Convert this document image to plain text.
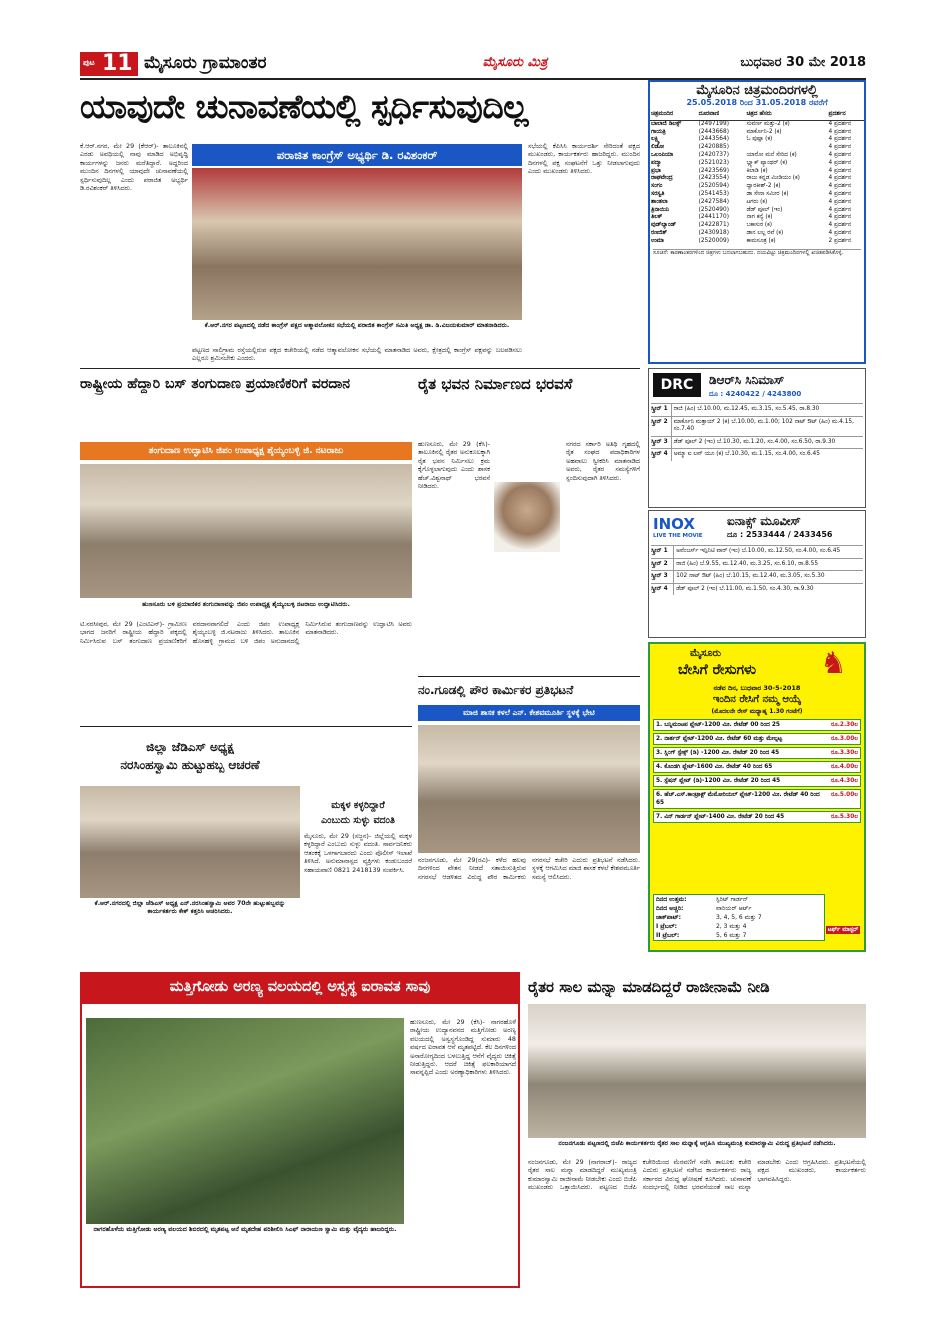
ಪುಟ 11 ಮೈಸೂರು ಗ್ರಾಮಾಂತರ	ಮೈಸೂರು ಮಿತ್ರ	ಬುಧವಾರ 30 ಮೇ 2018
ಯಾವುದೇ ಚುನಾವಣೆಯಲ್ಲಿ ಸ್ಪರ್ಧಿಸುವುದಿಲ್ಲ
ಕೆ.ಆರ್.ನಗರ, ಮೇ 29 (ಕೆಆರ್)- ತಾಲೂಕಿನಲ್ಲಿ ಎರಡು ಅವಧಿಯಲ್ಲಿ ನಾವು ಮಾಡಿದ ಅಭಿವೃದ್ಧಿ ಕಾರ್ಯಗಳನ್ನು ಜನರು ಮರೆತಿದ್ದಾರೆ. ಅದ್ದರಿಂದ ಮುಂದಿನ ದಿನಗಳಲ್ಲಿ ಯಾವುದೇ ಚುನಾವಣೆಯಲ್ಲಿ ಸ್ಪರ್ಧಿಸುವುದಿಲ್ಲ ಎಂದು ಪರಾಜಿತ ಅಭ್ಯರ್ಥಿ ಡಿ.ರವಿಶಂಕರ್ ತಿಳಿಸಿದರು.
ಪರಾಜಿತ ಕಾಂಗ್ರೆಸ್ ಅಭ್ಯರ್ಥಿ ಡಿ. ರವಿಶಂಕರ್
ಕೆ.ಆರ್.ನಗರ ಪಟ್ಟಣದಲ್ಲಿ ನಡೆದ ಕಾಂಗ್ರೆಸ್ ಪಕ್ಷದ ಆತ್ಮಾವಲೋಕನ ಸಭೆಯಲ್ಲಿ ಪರಾಜಿತ ಕಾಂಗ್ರೆಸ್ ಸಮಿತಿ ಅಧ್ಯಕ್ಷ ಡಾ. ಡಿ.ವಿಜಯಕುಮಾರ್ ಮಾತನಾಡಿದರು.
ಪಟ್ಟಣದ ಸಾಲಿಗ್ರಾಮ ರಸ್ತೆಯಲ್ಲಿರುವ ಪಕ್ಷದ ಕಚೇರಿಯಲ್ಲಿ ನಡೆದ ಆತ್ಮಾವಲೋಕನ ಸಭೆಯಲ್ಲಿ ಮಾತನಾಡಿದ ಅವರು, ಕ್ಷೇತ್ರದಲ್ಲಿ ಕಾಂಗ್ರೆಸ್ ಪಕ್ಷವನ್ನು ಬಲಪಡಿಸಲು ಎಲ್ಲರೂ ಶ್ರಮಿಸಬೇಕು ಎಂದರು.
ಸಭೆಯಲ್ಲಿ ಕೆಪಿಸಿಸಿ ಕಾರ್ಯದರ್ಶಿ ಸೇರಿದಂತೆ ಪಕ್ಷದ ಮುಖಂಡರು, ಕಾರ್ಯಕರ್ತರು ಹಾಜರಿದ್ದರು. ಮುಂದಿನ ದಿನಗಳಲ್ಲಿ ಪಕ್ಷ ಸಂಘಟನೆಗೆ ಒತ್ತು ನೀಡಲಾಗುವುದು ಎಂದು ಮುಖಂಡರು ತಿಳಿಸಿದರು.
ಮೈಸೂರಿನ ಚಿತ್ರಮಂದಿರಗಳಲ್ಲಿ
25.05.2018 ರಿಂದ 31.05.2018 ರವರೆಗೆ
ಚಿತ್ರಮಂದಿರ	ದೂರವಾಣಿ	ಚಿತ್ರದ ಹೆಸರು	ಪ್ರದರ್ಶನ
ಬಾಲಾಜಿ ಡಿಲಕ್ಸ್	(2497199)	ಸುವರ್ಣ ಮತ್ತು-2 (ಕ)	4 ಪ್ರದರ್ಶನ
ಗಾಯತ್ರಿ	(2443668)	ಮಾರ್ಕೊನಿ-2 (ಕ)	4 ಪ್ರದರ್ಶನ
ಲಕ್ಷ್ಮಿ	(2443564)	ಓ ಪುಷ್ಪಾ (ಕ)	4 ಪ್ರದರ್ಶನ
ಲಿಡೋ	(2420885)		4 ಪ್ರದರ್ಶನ
ಒಲಂಪಿಯಾ	(2420737)	ಯಾರೋ ಮನೆ ಸೇರಿದ (ಕ)	4 ಪ್ರದರ್ಶನ
ಪದ್ಮಾ	(2521023)	ಬ್ಲ್ಯಾಕ್ ಪ್ಯಾಂಥರ್ (ಕ)	4 ಪ್ರದರ್ಶನ
ಪ್ರಭಾ	(2423569)	ಕಿಲಾಡಿ (ಕ)	4 ಪ್ರದರ್ಶನ
ರಾಘವೇಂದ್ರ	(2423554)	ರಾಜು ಕನ್ನಡ ಮೀಡಿಯಂ (ಕ)	4 ಪ್ರದರ್ಶನ
ಸಂಗಂ	(2520594)	ದ್ವಾರಕೀಶ್-2 (ಕ)	4 ಪ್ರದರ್ಶನ
ಸರಸ್ವತಿ	(2541453)	ಡಾ ಸೇನಾ ಸಮೀರ (ಕ)	4 ಪ್ರದರ್ಶನ
ಶಾಂತಲಾ	(2427584)	ಟಗರು (ಕ)	4 ಪ್ರದರ್ಶನ
ತ್ರಿನಾಯಿನಿ	(2520490)	ಡೆಡ್ ಪೂಲ್ (ಇಂ)	4 ಪ್ರದರ್ಶನ
ತಿಲಕ್	(2441170)	ನಾಗ ಕನ್ಯೆ (ಕ)	4 ಪ್ರದರ್ಶನ
ವುಡ್‌ಲ್ಯಾಂಡ್	(2422871)	ಬಕಾಸುರ (ಕ)	4 ಪ್ರದರ್ಶನ
ರಣಜಿತ್	(2430918)	ಡಾನ ಲಲ್ಲ ರವೆ (ಕ)	4 ಪ್ರದರ್ಶನ
ಉಮಾ	(2520009)	ಕಾಮಸೂತ್ರ (ಕ)	2 ಪ್ರದರ್ಶನ
ಸೂಚನೆ: ಕಾರಣಾಂತರಗಳಿಂದ ಚಿತ್ರಗಳು ಬದಲಾಗಬಹುದು. ದಯವಿಟ್ಟು ಚಿತ್ರಮಂದಿರಗಳಲ್ಲಿ ಖಚಿತಪಡಿಸಿಕೊಳ್ಳಿ.
DRC	ಡಿಆರ್‌ಸಿ ಸಿನಿಮಾಸ್
ದೂ : 4240422 / 4243800
ಸ್ಕ್ರೀನ್ 1	ರಾಜಿ (ಹಿಂ) ಬೆ.10.00, ಮ.12.45, ಮ.3.15, ಸಂ.5.45, ರಾ.8.30
ಸ್ಕ್ರೀನ್ 2	ಮಾರ್ಕೊನಿ ಮತ್ತಾಯ್ 2 (ಕ) ಬೆ.10.00, ಮ.1.00; 102 ನಾಟ್ ಔಟ್ (ಹಿಂ) ಮ.4.15, ಸಂ.7.40
ಸ್ಕ್ರೀನ್ 3	ಡೆಡ್ ಪೂಲ್ 2 (ಇಂ) ಬೆ.10.30, ಮ.1.20, ಸಂ.4.00, ಸಂ.6.50, ರಾ.9.30
ಸ್ಕ್ರೀನ್ 4	ಅಮ್ಮಾ ಐ ಲವ್ ಯೂ (ಕ) ಬೆ.10.30, ಮ.1.15, ಸಂ.4.00, ಸಂ.6.45
INOX
LIVE THE MOVIE
ಐನಾಕ್ಸ್ ಮೂವೀಸ್
ದೂ : 2533444 / 2433456
ಸ್ಕ್ರೀನ್ 1	ಅವೆಂಜರ್ಸ್ ಇನ್ಫಿನಿಟಿ ವಾರ್ (ಇಂ) ಬೆ.10.00, ಮ.12.50, ಸಂ.4.00, ಸಂ.6.45
ಸ್ಕ್ರೀನ್ 2	ರಾಜಿ (ಹಿಂ) ಬೆ.9.55, ಮ.12.40, ಮ.3.25, ಸಂ.6.10, ರಾ.8.55
ಸ್ಕ್ರೀನ್ 3	102 ನಾಟ್ ಔಟ್ (ಹಿಂ) ಬೆ.10.15, ಮ.12.40, ಮ.3.05, ಸಂ.5.30
ಸ್ಕ್ರೀನ್ 4	ಡೆಡ್ ಪೂಲ್ 2 (ಇಂ) ಬೆ.11.00, ಮ.1.50, ಸಂ.4.30, ರಾ.9.30
ಮೈಸೂರು
ಬೇಸಿಗೆ ರೇಸುಗಳು ♞
ನಡೆವ ದಿನ, ಬುಧವಾರ 30-5-2018
ಇಂದಿನ ರೇಸಿಗೆ ನಮ್ಮ ಆಯ್ಕೆ
(ಮೊದಲನೇ ರೇಸ್ ಮಧ್ಯಾಹ್ನ 1.30 ಗಂಟೆಗೆ)
1. ಬನ್ನಿಮಂಟಪ ಪ್ಲೇಟ್-1200 ಮೀ. ರೇಟೆಡ್ 00 ರಿಂದ 25	ರೂ.2.30ಲ
2. ನಾರ್ತನ್ ಪ್ಲೇಟ್-1200 ಮೀ. ರೇಟೆಡ್ 60 ಮತ್ತು ಮೇಲ್ಪಟ್ಟ	ರೂ.3.00ಲ
3. ಸ್ಲಿಂಗ್ ಸ್ಟೇಕ್ಸ್ (ಡಿ) -1200 ಮೀ. ರೇಟೆಡ್ 20 ರಿಂದ 45	ರೂ.3.30ಲ
4. ಕೊಂಡಗಿ ಪ್ಲೇಟ್-1600 ಮೀ. ರೇಟೆಡ್ 40 ರಿಂದ 65	ರೂ.4.00ಲ
5. ಸ್ಪೆಷನ್ ಪ್ಲೇಟ್ (ಡಿ)-1200 ಮೀ. ರೇಟೆಡ್ 20 ರಿಂದ 45	ರೂ.4.30ಲ
6. ಹೆಚ್.ಎಸ್.ಕಾಂಟ್ರಾಕ್ಟ್ ಮೆಮೋರಿಯಲ್ ಪ್ಲೇಟ್-1200 ಮೀ. ರೇಟೆಡ್ 40 ರಿಂದ 65
ರೂ.5.00ಲ
7. ವಿನ್ ಗಾರ್ಡನ್ ಪ್ಲೇಟ್-1400 ಮೀ. ರೇಟೆಡ್ 20 ರಿಂದ 45	ರೂ.5.30ಲ
ದಿನದ ಉತ್ತಮ:	ಸ್ಪಿರಿಟ್ ಗಾರ್ಡನ್
ದಿನದ ಅಚ್ಚರಿ:	ವಾರಿಯರ್ ಆರ್ಟ್
ಜಾಕ್‌ಪಾಟ್:	3, 4, 5, 6 ಮತ್ತು 7
I ಟ್ರೆಬಲ್:	2, 3 ಮತ್ತು 4
II ಟ್ರೆಬಲ್:	5, 6 ಮತ್ತು 7
ಟರ್ಫ್ ಮಾಸ್ಟರ್
ರಾಷ್ಟ್ರೀಯ ಹೆದ್ದಾರಿ ಬಸ್ ತಂಗುದಾಣ ಪ್ರಯಾಣಿಕರಿಗೆ ವರದಾನ
ತಂಗುದಾಣ ಉದ್ಘಾಟಿಸಿ ಜಿಪಂ ಉಪಾಧ್ಯಕ್ಷ ಶೈಯ್ಯಂಬಳ್ಳಿ ಜಿ. ನಟರಾಜು
ಹುಣಸೂರು ಬಳಿ ಪ್ರಯಾಣಿಕರ ತಂಗುದಾಣವನ್ನು ಜಿಪಂ ಉಪಾಧ್ಯಕ್ಷ ಶೈಯ್ಯಂಬಳ್ಳಿ ನಟರಾಜು ಉದ್ಘಾಟಿಸಿದರು.
ಟಿ.ನರಸೀಪುರ, ಮೇ 29 (ಎಂಟಿಎನ್)- ಗ್ರಾಮೀಣ ಭಾಗದ ಜನರಿಗೆ ರಾಷ್ಟ್ರೀಯ ಹೆದ್ದಾರಿ ಪಕ್ಕದಲ್ಲಿ ನಿರ್ಮಿಸಿರುವ ಬಸ್ ತಂಗುದಾಣ ಪ್ರಯಾಣಿಕರಿಗೆ ವರದಾನವಾಗಲಿದೆ ಎಂದು ಜಿಪಂ ಉಪಾಧ್ಯಕ್ಷ ಶೈಯ್ಯಂಬಳ್ಳಿ ಜಿ.ನಟರಾಜು ತಿಳಿಸಿದರು. ತಾಲೂಕಿನ ಹೊಸಹಳ್ಳಿ ಗ್ರಾಮದ ಬಳಿ ಜಿಪಂ ಅನುದಾನದಲ್ಲಿ ನಿರ್ಮಿಸಿರುವ ತಂಗುದಾಣವನ್ನು ಉದ್ಘಾಟಿಸಿ ಅವರು ಮಾತನಾಡಿದರು.
ರೈತ ಭವನ ನಿರ್ಮಾಣದ ಭರವಸೆ
ಹುಣಸೂರು, ಮೇ 29 (ಕೆಸಿ)- ತಾಲೂಕಿನಲ್ಲಿ ರೈತರ ಅನುಕೂಲಕ್ಕಾಗಿ ರೈತ ಭವನ ನಿರ್ಮಿಸಲು ಕ್ರಮ ಕೈಗೊಳ್ಳಲಾಗುವುದು ಎಂದು ಶಾಸಕ ಹೆಚ್.ವಿಶ್ವನಾಥ್ ಭರವಸೆ ನೀಡಿದರು.
ನಗರದ ಸರ್ಕಾರಿ ಅತಿಥಿ ಗೃಹದಲ್ಲಿ ರೈತ ಸಂಘದ ಪದಾಧಿಕಾರಿಗಳ ಅಹವಾಲು ಸ್ವೀಕರಿಸಿ ಮಾತನಾಡಿದ ಅವರು, ರೈತರ ಸಮಸ್ಯೆಗಳಿಗೆ ಸ್ಪಂದಿಸುವುದಾಗಿ ತಿಳಿಸಿದರು.
ನಂ.ಗೂಡಲ್ಲಿ ಪೌರ ಕಾರ್ಮಿಕರ ಪ್ರತಿಭಟನೆ
ಮಾಜಿ ಶಾಸಕ ಕಳಲೆ ಎನ್. ಕೇಶವಮೂರ್ತಿ ಸ್ಥಳಕ್ಕೆ ಭೇಟಿ
ನಂಜನಗೂಡು, ಮೇ 29(ರವಿ)- ಕಳೆದ ಹಲವು ದಿನಗಳಿಂದ ವೇತನ ನೀಡದೆ ಸತಾಯಿಸುತ್ತಿರುವ ನಗರಸಭೆ ಆಡಳಿತದ ವಿರುದ್ಧ ಪೌರ ಕಾರ್ಮಿಕರು ನಗರಸಭೆ ಕಚೇರಿ ಎದುರು ಪ್ರತಿಭಟನೆ ನಡೆಸಿದರು. ಸ್ಥಳಕ್ಕೆ ಆಗಮಿಸಿದ ಮಾಜಿ ಶಾಸಕ ಕಳಲೆ ಕೇಶವಮೂರ್ತಿ ಸಮಸ್ಯೆ ಆಲಿಸಿದರು.
ಜಿಲ್ಲಾ ಜೆಡಿಎಸ್ ಅಧ್ಯಕ್ಷ
ನರಸಿಂಹಸ್ವಾಮಿ ಹುಟ್ಟುಹಬ್ಬ ಆಚರಣೆ
ಕೆ.ಆರ್.ನಗರದಲ್ಲಿ ಜಿಲ್ಲಾ ಜೆಡಿಎಸ್ ಅಧ್ಯಕ್ಷ ಎನ್.ನರಸಿಂಹಸ್ವಾಮಿ ಅವರ 70ನೇ ಹುಟ್ಟುಹಬ್ಬವನ್ನು ಕಾರ್ಯಕರ್ತರು ಕೇಕ್ ಕತ್ತರಿಸಿ ಆಚರಿಸಿದರು.
ಮಕ್ಕಳ ಕಳ್ಳರಿದ್ದಾರೆ
ಎಂಬುದು ಸುಳ್ಳು ವದಂತಿ
ಮೈಸೂರು, ಮೇ 29 (ಸಜ್ಜನ)- ಜಿಲ್ಲೆಯಲ್ಲಿ ಮಕ್ಕಳ ಕಳ್ಳರಿದ್ದಾರೆ ಎಂಬುದು ಸುಳ್ಳು ವದಂತಿ. ಸಾರ್ವಜನಿಕರು ಆತಂಕಕ್ಕೆ ಒಳಗಾಗಬಾರದು ಎಂದು ಪೊಲೀಸ್ ಇಲಾಖೆ ತಿಳಿಸಿದೆ. ಅನುಮಾನಾಸ್ಪದ ವ್ಯಕ್ತಿಗಳು ಕಂಡುಬಂದರೆ ಸಹಾಯವಾಣಿ 0821 2418139 ಸಂಪರ್ಕಿಸಿ.
ಮತ್ತಿಗೋಡು ಅರಣ್ಯ ವಲಯದಲ್ಲಿ ಅಸ್ವಸ್ಥ ಐರಾವತ ಸಾವು
ನಾಗರಹೊಳೆಯ ಮತ್ತಿಗೋಡು ಅರಣ್ಯ ವಲಯದ ಶಿಬಿರದಲ್ಲಿ ಮೃತಪಟ್ಟ ಆನೆ ಮೃತದೇಹ ಪರಿಶೀಲಿಸಿ ಸಿಎಫ್ ನಾರಾಯಣ ಸ್ವಾಮಿ ಮತ್ತು ವೈದ್ಯರು ಹಾಜರಿದ್ದರು.
ಹುಣಸೂರು, ಮೇ 29 (ಕೆಸಿ)- ನಾಗರಹೊಳೆ ರಾಷ್ಟ್ರೀಯ ಉದ್ಯಾನವನದ ಮತ್ತಿಗೋಡು ಅರಣ್ಯ ವಲಯದಲ್ಲಿ ಅಸ್ವಸ್ಥಗೊಂಡಿದ್ದ ಸುಮಾರು 48 ವರ್ಷದ ಐರಾವತ ಆನೆ ಮೃತಪಟ್ಟಿದೆ. ಕೆಲ ದಿನಗಳಿಂದ ಅನಾರೋಗ್ಯದಿಂದ ಬಳಲುತ್ತಿದ್ದ ಆನೆಗೆ ವೈದ್ಯರು ಚಿಕಿತ್ಸೆ ನೀಡುತ್ತಿದ್ದರು. ಆದರೆ ಚಿಕಿತ್ಸೆ ಫಲಕಾರಿಯಾಗದೆ ಸಾವನ್ನಪ್ಪಿದೆ ಎಂದು ಅರಣ್ಯಾಧಿಕಾರಿಗಳು ತಿಳಿಸಿದರು.
ರೈತರ ಸಾಲ ಮನ್ನಾ ಮಾಡದಿದ್ದರೆ ರಾಜೀನಾಮೆ ನೀಡಿ
ನಂಜನಗೂಡು ಪಟ್ಟಣದಲ್ಲಿ ಬಿಜೆಪಿ ಕಾರ್ಯಕರ್ತರು ರೈತರ ಸಾಲ ಮನ್ನಾಕ್ಕೆ ಆಗ್ರಹಿಸಿ ಮುಖ್ಯಮಂತ್ರಿ ಕುಮಾರಸ್ವಾಮಿ ವಿರುದ್ಧ ಪ್ರತಿಭಟನೆ ನಡೆಸಿದರು.
ನಂಜನಗೂಡು, ಮೇ 29 (ನಾಗರಾಜ್)- ರಾಜ್ಯದ ರೈತರ ಸಾಲ ಮನ್ನಾ ಮಾಡದಿದ್ದರೆ ಮುಖ್ಯಮಂತ್ರಿ ಕುಮಾರಸ್ವಾಮಿ ರಾಜೀನಾಮೆ ನೀಡಬೇಕು ಎಂದು ಬಿಜೆಪಿ ಮುಖಂಡರು ಒತ್ತಾಯಿಸಿದರು. ಪಟ್ಟಣದ ಬಿಜೆಪಿ ಕಚೇರಿಯಿಂದ ಮೆರವಣಿಗೆ ನಡೆಸಿ ತಾಲೂಕು ಕಚೇರಿ ಎದುರು ಪ್ರತಿಭಟನೆ ನಡೆಸಿದ ಕಾರ್ಯಕರ್ತರು ರಾಜ್ಯ ಸರ್ಕಾರದ ವಿರುದ್ಧ ಘೋಷಣೆ ಕೂಗಿದರು. ಚುನಾವಣೆ ಸಂದರ್ಭದಲ್ಲಿ ನೀಡಿದ ಭರವಸೆಯಂತೆ ಸಾಲ ಮನ್ನಾ ಮಾಡಬೇಕು ಎಂದು ಆಗ್ರಹಿಸಿದರು. ಪ್ರತಿಭಟನೆಯಲ್ಲಿ ಪಕ್ಷದ ಮುಖಂಡರು, ಕಾರ್ಯಕರ್ತರು ಭಾಗವಹಿಸಿದ್ದರು.
